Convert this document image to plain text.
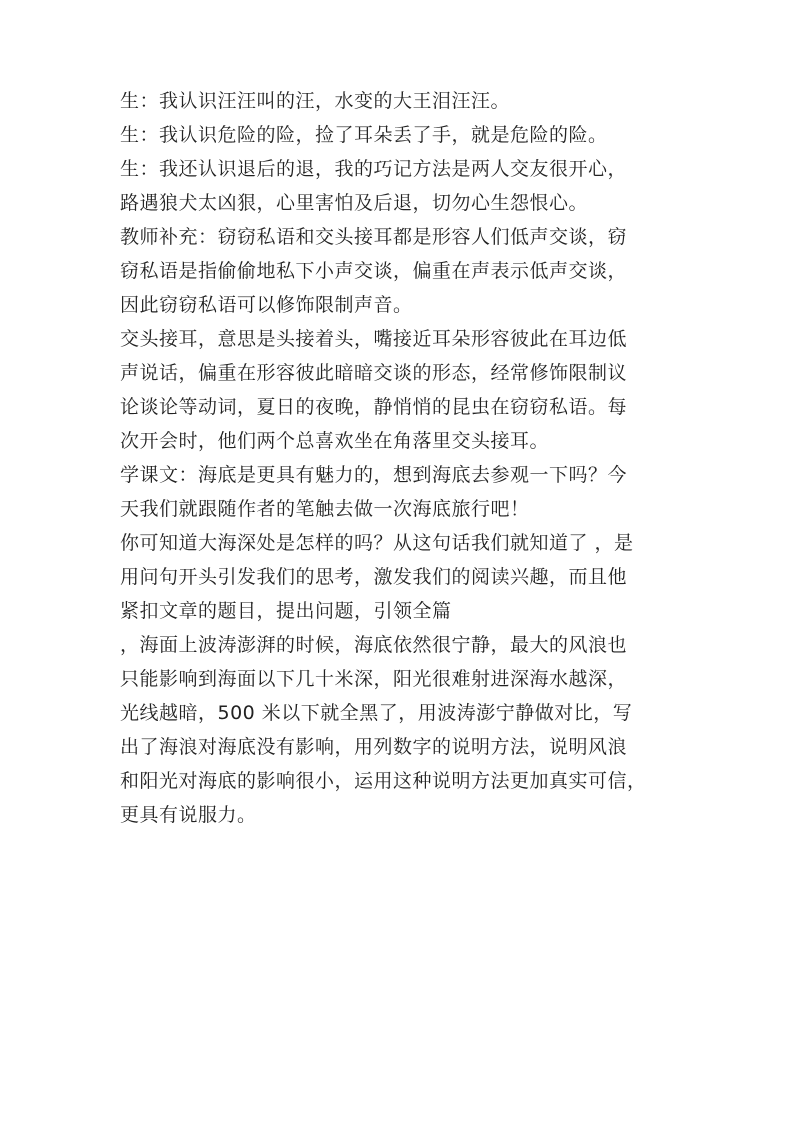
生：我认识汪汪叫的汪，水变的大王泪汪汪。
生：我认识危险的险，捡了耳朵丢了手，就是危险的险。
生：我还认识退后的退，我的巧记方法是两人交友很开心，
路遇狼犬太凶狠，心里害怕及后退，切勿心生怨恨心。
教师补充：窃窃私语和交头接耳都是形容人们低声交谈，窃
窃私语是指偷偷地私下小声交谈，偏重在声表示低声交谈，
因此窃窃私语可以修饰限制声音。
交头接耳，意思是头接着头，嘴接近耳朵形容彼此在耳边低
声说话，偏重在形容彼此暗暗交谈的形态，经常修饰限制议
论谈论等动词，夏日的夜晚，静悄悄的昆虫在窃窃私语。每
次开会时，他们两个总喜欢坐在角落里交头接耳。
学课文：海底是更具有魅力的，想到海底去参观一下吗？今
天我们就跟随作者的笔触去做一次海底旅行吧！
你可知道大海深处是怎样的吗？从这句话我们就知道了 ，是
用问句开头引发我们的思考，激发我们的阅读兴趣，而且他
紧扣文章的题目，提出问题，引领全篇
，海面上波涛澎湃的时候，海底依然很宁静，最大的风浪也
只能影响到海面以下几十米深，阳光很难射进深海水越深，
光线越暗，500 米以下就全黑了，用波涛澎宁静做对比，写
出了海浪对海底没有影响，用列数字的说明方法，说明风浪
和阳光对海底的影响很小，运用这种说明方法更加真实可信，
更具有说服力。
